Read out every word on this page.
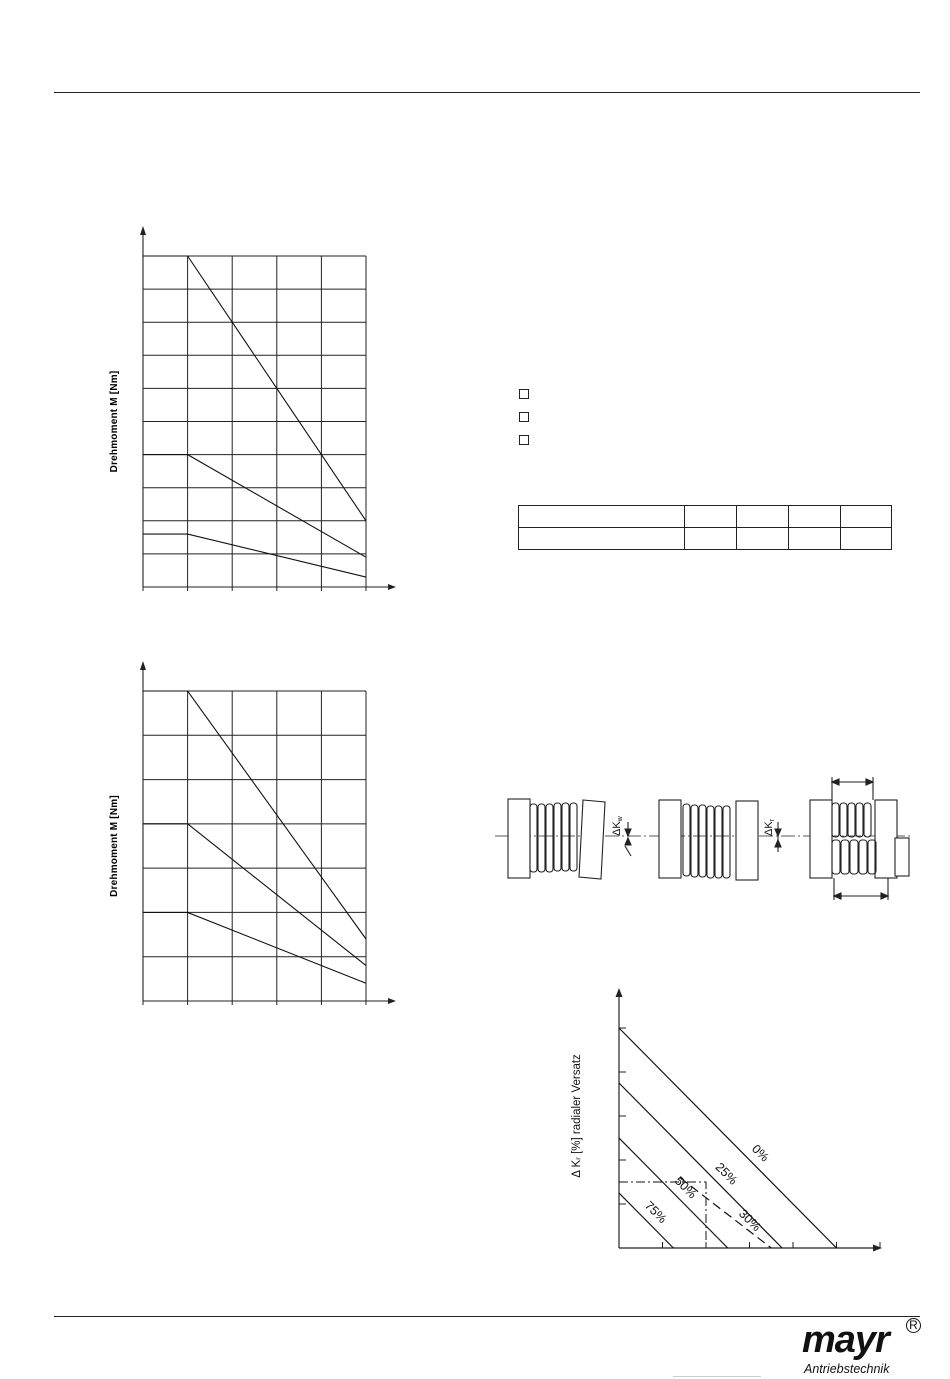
Drehmoment M [Nm]
Drehmoment M [Nm]
0%
25%
50%
75%	30%
Δ Kᵣ [%] radialer Versatz

ΔKw
ΔKr
mayr R
Antriebstechnik
